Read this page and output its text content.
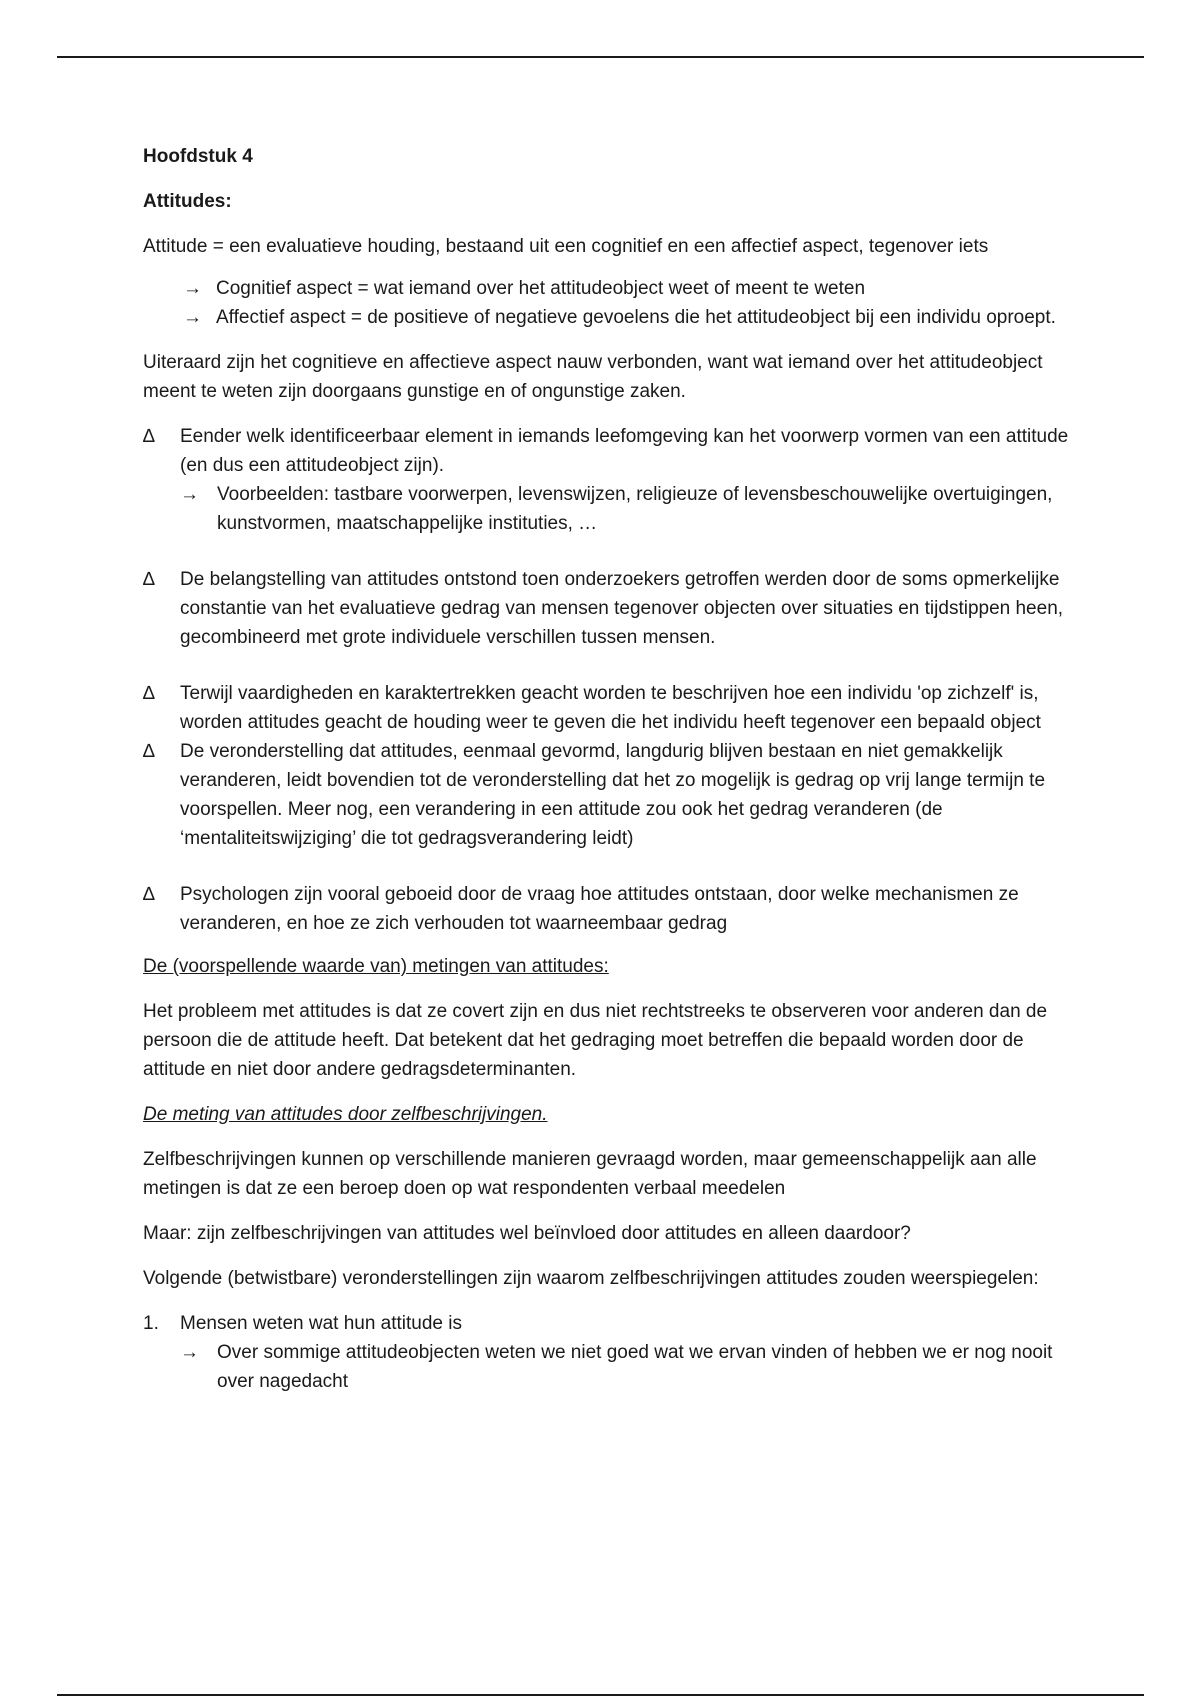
Hoofdstuk 4

Attitudes:

Attitude = een evaluatieve houding, bestaand uit een cognitief en een affectief aspect, tegenover iets

→ Cognitief aspect = wat iemand over het attitudeobject weet of meent te weten

→ Affectief aspect = de positieve of negatieve gevoelens die het attitudeobject bij een individu oproept.

Uiteraard zijn het cognitieve en affectieve aspect nauw verbonden, want wat iemand over het attitudeobject meent te weten zijn doorgaans gunstige en of ongunstige zaken.

∆ Eender welk identificeerbaar element in iemands leefomgeving kan het voorwerp vormen van een attitude (en dus een attitudeobject zijn).

→ Voorbeelden: tastbare voorwerpen, levenswijzen, religieuze of levensbeschouwelijke overtuigingen, kunstvormen, maatschappelijke instituties, …

∆ De belangstelling van attitudes ontstond toen onderzoekers getroffen werden door de soms opmerkelijke constantie van het evaluatieve gedrag van mensen tegenover objecten over situaties en tijdstippen heen, gecombineerd met grote individuele verschillen tussen mensen.

∆ Terwijl vaardigheden en karaktertrekken geacht worden te beschrijven hoe een individu 'op zichzelf' is, worden attitudes geacht de houding weer te geven die het individu heeft tegenover een bepaald object

∆ De veronderstelling dat attitudes, eenmaal gevormd, langdurig blijven bestaan en niet gemakkelijk veranderen, leidt bovendien tot de veronderstelling dat het zo mogelijk is gedrag op vrij lange termijn te voorspellen. Meer nog, een verandering in een attitude zou ook het gedrag veranderen (de ‘mentaliteitswijziging’ die tot gedragsverandering leidt)

∆ Psychologen zijn vooral geboeid door de vraag hoe attitudes ontstaan, door welke mechanismen ze veranderen, en hoe ze zich verhouden tot waarneembaar gedrag

De (voorspellende waarde van) metingen van attitudes:

Het probleem met attitudes is dat ze covert zijn en dus niet rechtstreeks te observeren voor anderen dan de persoon die de attitude heeft. Dat betekent dat het gedraging moet betreffen die bepaald worden door de attitude en niet door andere gedragsdeterminanten.

De meting van attitudes door zelfbeschrijvingen.

Zelfbeschrijvingen kunnen op verschillende manieren gevraagd worden, maar gemeenschappelijk aan alle metingen is dat ze een beroep doen op wat respondenten verbaal meedelen

Maar: zijn zelfbeschrijvingen van attitudes wel beïnvloed door attitudes en alleen daardoor?

Volgende (betwistbare) veronderstellingen zijn waarom zelfbeschrijvingen attitudes zouden weerspiegelen:

1. Mensen weten wat hun attitude is

→ Over sommige attitudeobjecten weten we niet goed wat we ervan vinden of hebben we er nog nooit over nagedacht
